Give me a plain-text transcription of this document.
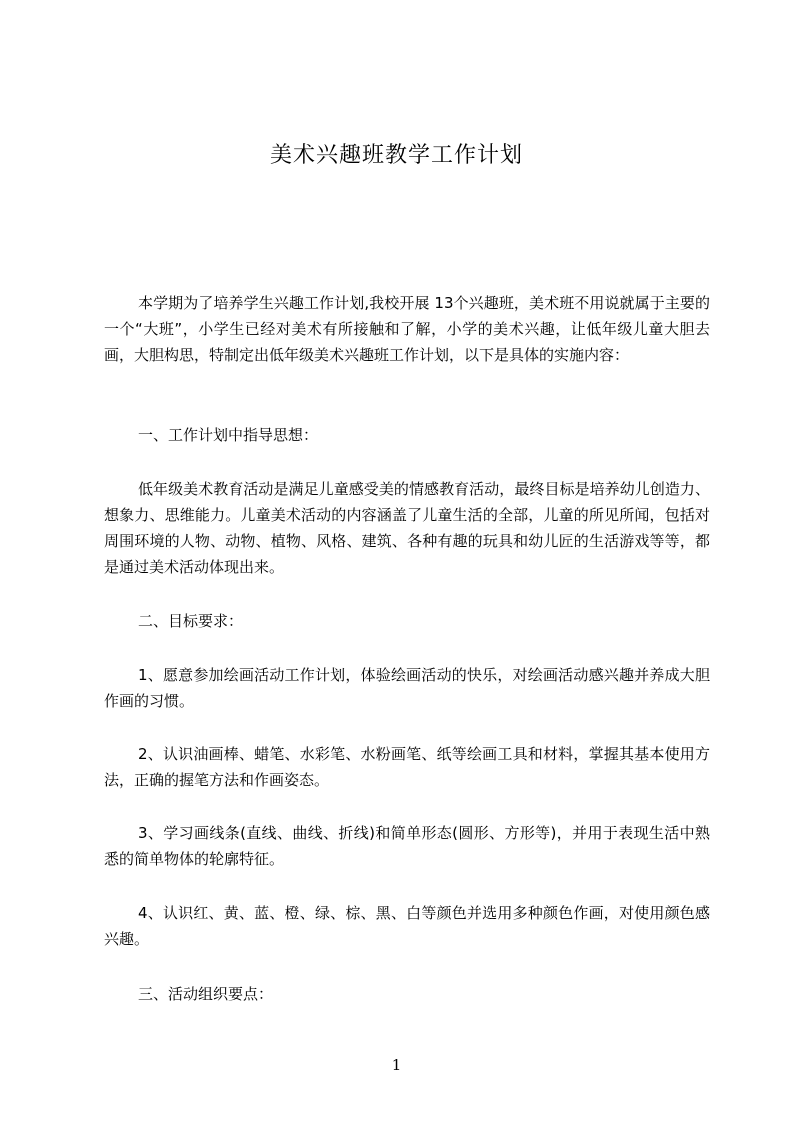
美术兴趣班教学工作计划

本学期为了培养学生兴趣工作计划,我校开展 13个兴趣班，美术班不用说就属于主要的一个“大班”，小学生已经对美术有所接触和了解，小学的美术兴趣，让低年级儿童大胆去画，大胆构思，特制定出低年级美术兴趣班工作计划，以下是具体的实施内容：

一、工作计划中指导思想：

低年级美术教育活动是满足儿童感受美的情感教育活动，最终目标是培养幼儿创造力、想象力、思维能力。儿童美术活动的内容涵盖了儿童生活的全部，儿童的所见所闻，包括对周围环境的人物、动物、植物、风格、建筑、各种有趣的玩具和幼儿匠的生活游戏等等，都是通过美术活动体现出来。

二、目标要求：

1、愿意参加绘画活动工作计划，体验绘画活动的快乐，对绘画活动感兴趣并养成大胆作画的习惯。

2、认识油画棒、蜡笔、水彩笔、水粉画笔、纸等绘画工具和材料，掌握其基本使用方法，正确的握笔方法和作画姿态。

3、学习画线条(直线、曲线、折线)和简单形态(圆形、方形等)，并用于表现生活中熟悉的简单物体的轮廓特征。

4、认识红、黄、蓝、橙、绿、棕、黑、白等颜色并选用多种颜色作画，对使用颜色感兴趣。

三、活动组织要点：

1
